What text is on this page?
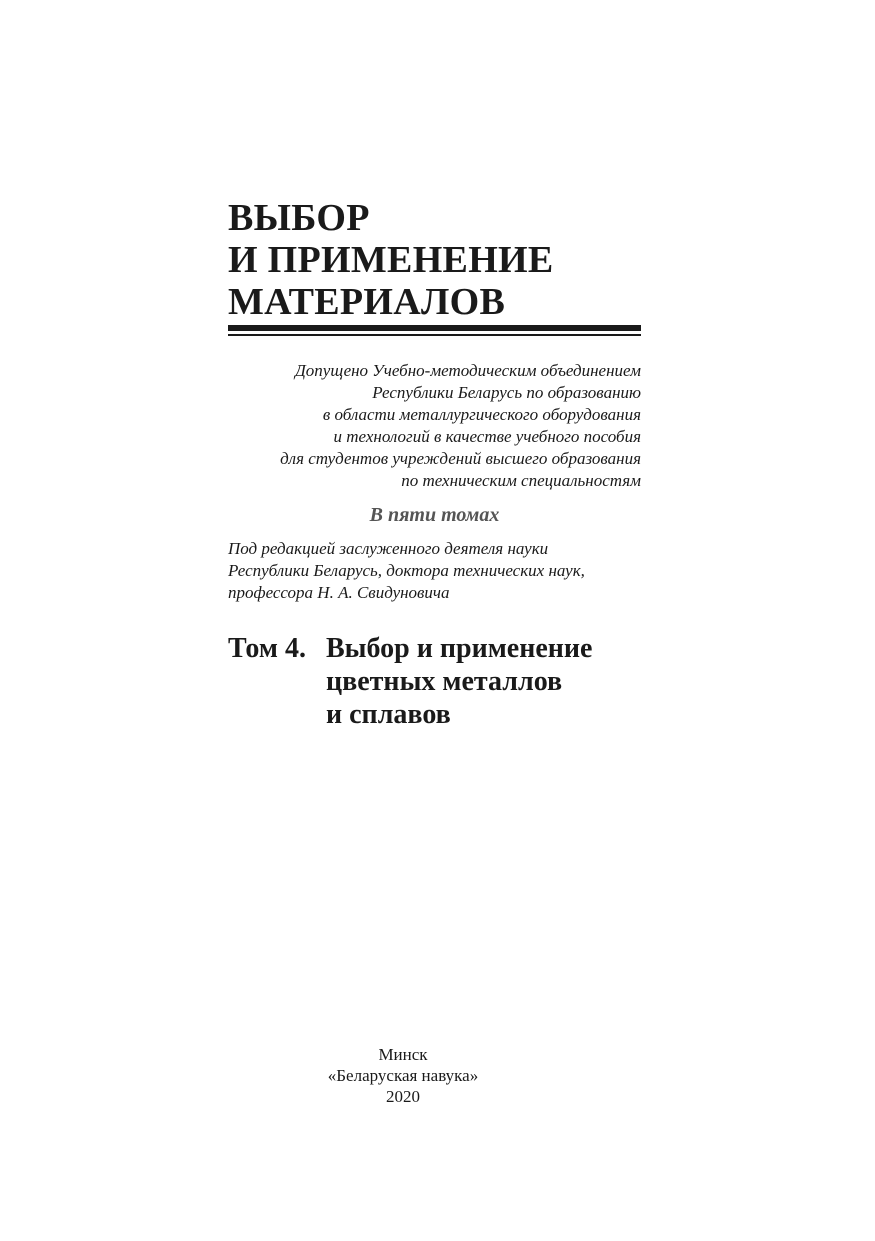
ВЫБОР
И ПРИМЕНЕНИЕ
МАТЕРИАЛОВ
Допущено Учебно-методическим объединением
Республики Беларусь по образованию
в области металлургического оборудования
и технологий в качестве учебного пособия
для студентов учреждений высшего образования
по техническим специальностям
В пяти томах
Под редакцией заслуженного деятеля науки
Республики Беларусь, доктора технических наук,
профессора Н. А. Свидуновича
Том 4. Выбор и применение
цветных металлов
и сплавов
Минск
«Беларуская навука»
2020
